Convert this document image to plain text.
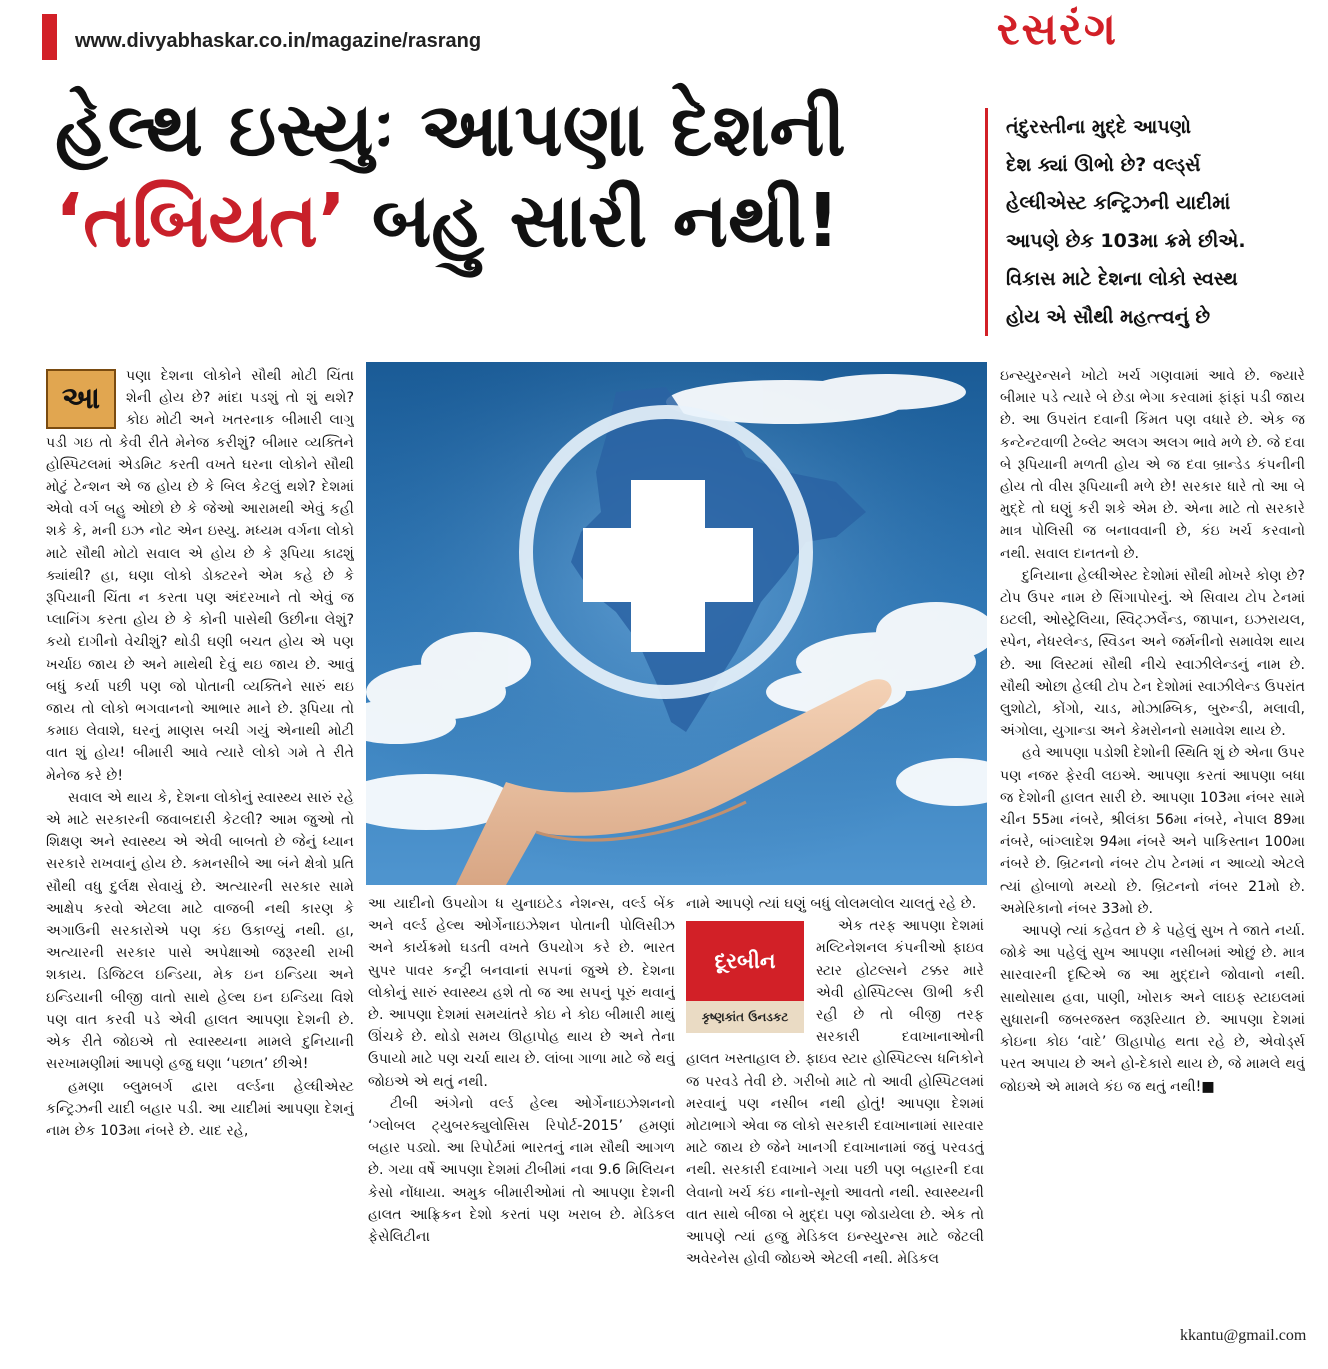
www.divyabhaskar.co.in/magazine/rasrang	રસરંગ
હેલ્થ ઇસ્યુઃ આપણા દેશની
‘તબિયત’ બહુ સારી નથી!

તંદુરસ્તીના મુદ્દે આપણો

દેશ ક્યાં ઊભો છે? વર્લ્ડ્સ

હેલ્ધીએસ્ટ કન્ટ્રિઝની યાદીમાં

આપણે છેક 103મા ક્રમે છીએ.

વિકાસ માટે દેશના લોકો સ્વસ્થ

હોય એ સૌથી મહત્ત્વનું છે

આ

પણા દેશના લોકોને સૌથી મોટી ચિંતા શેની હોય છે? માંદા પડશું તો શું થશે? કોઇ મોટી અને ખતરનાક બીમારી લાગુ પડી ગઇ તો કેવી રીતે મેનેજ કરીશું? બીમાર વ્યક્તિને હોસ્પિટલમાં એડમિટ કરતી વખતે ઘરના લોકોને સૌથી મોટું ટેન્શન એ જ હોય છે કે બિલ કેટલું થશે? દેશમાં એવો વર્ગ બહુ ઓછો છે કે જેઓ આરામથી એવું કહી શકે કે, મની ઇઝ નોટ એન ઇસ્યુ. મધ્યમ વર્ગના લોકો માટે સૌથી મોટો સવાલ એ હોય છે કે રૂપિયા કાઢશું ક્યાંથી? હા, ઘણા લોકો ડોક્ટરને એમ કહે છે કે રૂપિયાની ચિંતા ન કરતા પણ અંદરખાને તો એવું જ પ્લાનિંગ કરતા હોય છે કે કોની પાસેથી ઉછીના લેશું? કયો દાગીનો વેચીશું? થોડી ઘણી બચત હોય એ પણ ખર્ચાઇ જાય છે અને માથેથી દેવું થઇ જાય છે. આવું બધું કર્યા પછી પણ જો પોતાની વ્યક્તિને સારું થઇ જાય તો લોકો ભગવાનનો આભાર માને છે. રૂપિયા તો કમાઇ લેવાશે, ઘરનું માણસ બચી ગયું એનાથી મોટી વાત શું હોય! બીમારી આવે ત્યારે લોકો ગમે તે રીતે મેનેજ કરે છે!

સવાલ એ થાય કે, દેશના લોકોનું સ્વાસ્થ્ય સારું રહે એ માટે સરકારની જવાબદારી કેટલી? આમ જુઓ તો શિક્ષણ અને સ્વાસ્થ્ય એ એવી બાબતો છે જેનું ધ્યાન સરકારે રાખવાનું હોય છે. કમનસીબે આ બંને ક્ષેત્રો પ્રતિ સૌથી વધુ દુર્લક્ષ સેવાયું છે. અત્યારની સરકાર સામે આક્ષેપ કરવો એટલા માટે વાજબી નથી કારણ કે અગાઉની સરકારોએ પણ કંઇ ઉકાળ્યું નથી. હા, અત્યારની સરકાર પાસે અપેક્ષાઓ જરૂરથી રાખી શકાય. ડિજિટલ ઇન્ડિયા, મેક ઇન ઇન્ડિયા અને ઇન્ડિયાની બીજી વાતો સાથે હેલ્થ ઇન ઇન્ડિયા વિશે પણ વાત કરવી પડે એવી હાલત આપણા દેશની છે. એક રીતે જોઇએ તો સ્વાસ્થ્યના મામલે દુનિયાની સરખામણીમાં આપણે હજુ ઘણા ‘પછાત’ છીએ!

હમણા બ્લુમબર્ગ દ્વારા વર્લ્ડના હેલ્ધીએસ્ટ કન્ટ્રિઝની યાદી બહાર પડી. આ યાદીમાં આપણા દેશનું નામ છેક 103મા નંબરે છે. યાદ રહે,

આ યાદીનો ઉપયોગ ધ યુનાઇટેડ નેશન્સ, વર્લ્ડ બેંક અને વર્લ્ડ હેલ્થ ઓર્ગેનાઇઝેશન પોતાની પોલિસીઝ અને કાર્યક્રમો ઘડતી વખતે ઉપયોગ કરે છે. ભારત સુપર પાવર કન્ટ્રી બનવાનાં સપનાં જુએ છે. દેશના લોકોનું સારું સ્વાસ્થ્ય હશે તો જ આ સપનું પૂરું થવાનું છે. આપણા દેશમાં સમયાંતરે કોઇ ને કોઇ બીમારી માથું ઊંચકે છે. થોડો સમય ઊહાપોહ થાય છે અને તેના ઉપાયો માટે પણ ચર્ચા થાય છે. લાંબા ગાળા માટે જે થવું જોઇએ એ થતું નથી.

ટીબી અંગેનો વર્લ્ડ હેલ્થ ઓર્ગેનાઇઝેશનનો ‘ગ્લોબલ ટ્યુબરક્યુલોસિસ રિપોર્ટ-2015’ હમણાં બહાર પડ્યો. આ રિપોર્ટમાં ભારતનું નામ સૌથી આગળ છે. ગયા વર્ષે આપણા દેશમાં ટીબીમાં નવા 9.6 મિલિયન કેસો નોંધાયા. અમુક બીમારીઓમાં તો આપણા દેશની હાલત આફ્રિકન દેશો કરતાં પણ ખરાબ છે. મેડિકલ ફેસેલિટીના

નામે આપણે ત્યાં ઘણું બધું લોલમલોલ ચાલતું રહે છે.

દૂરબીન
કૃષ્ણકાંત ઉનડકટ

એક તરફ આપણા દેશમાં મલ્ટિનેશનલ કંપનીઓ ફાઇવ સ્ટાર હોટલ્સને ટક્કર મારે એવી હોસ્પિટલ્સ ઊભી કરી રહી છે તો બીજી તરફ સરકારી દવાખાનાઓની હાલત ખસ્તાહાલ છે. ફાઇવ સ્ટાર હોસ્પિટલ્સ ધનિકોને જ પરવડે તેવી છે. ગરીબો માટે તો આવી હોસ્પિટલમાં મરવાનું પણ નસીબ નથી હોતું! આપણા દેશમાં મોટાભાગે એવા જ લોકો સરકારી દવાખાનામાં સારવાર માટે જાય છે જેને ખાનગી દવાખાનામાં જવું પરવડતું નથી. સરકારી દવાખાને ગયા પછી પણ બહારની દવા લેવાનો ખર્ચ કંઇ નાનો-સૂનો આવતો નથી. સ્વાસ્થ્યની વાત સાથે બીજા બે મુદ્દા પણ જોડાયેલા છે. એક તો આપણે ત્યાં હજુ મેડિકલ ઇન્સ્યુરન્સ માટે જેટલી અવેરનેસ હોવી જોઇએ એટલી નથી. મેડિકલ

ઇન્સ્યુરન્સને ખોટો ખર્ચ ગણવામાં આવે છે. જ્યારે બીમાર પડે ત્યારે બે છેડા ભેગા કરવામાં ફાંફાં પડી જાય છે. આ ઉપરાંત દવાની કિંમત પણ વધારે છે. એક જ કન્ટેન્ટવાળી ટેબ્લેટ અલગ અલગ ભાવે મળે છે. જે દવા બે રૂપિયાની મળતી હોય એ જ દવા બ્રાન્ડેડ કંપનીની હોય તો વીસ રૂપિયાની મળે છે! સરકાર ધારે તો આ બે મુદ્દે તો ઘણું કરી શકે એમ છે. એના માટે તો સરકારે માત્ર પોલિસી જ બનાવવાની છે, કંઇ ખર્ચ કરવાનો નથી. સવાલ દાનતનો છે.

દુનિયાના હેલ્ધીએસ્ટ દેશોમાં સૌથી મોખરે કોણ છે? ટોપ ઉપર નામ છે સિંગાપોરનું. એ સિવાય ટોપ ટેનમાં ઇટલી, ઓસ્ટ્રેલિયા, સ્વિટ્ઝર્લેન્ડ, જાપાન, ઇઝરાયલ, સ્પેન, નેધરલેન્ડ, સ્વિડન અને જર્મનીનો સમાવેશ થાય છે. આ લિસ્ટમાં સૌથી નીચે સ્વાઝીલેન્ડનું નામ છે. સૌથી ઓછા હેલ્ધી ટોપ ટેન દેશોમાં સ્વાઝીલેન્ડ ઉપરાંત લુશોટો, કોંગો, ચાડ, મોઝામ્બિક, બુરુન્ડી, મલાવી, અંગોલા, યુગાન્ડા અને કેમરોનનો સમાવેશ થાય છે.

હવે આપણા પડોશી દેશોની સ્થિતિ શું છે એના ઉપર પણ નજર ફેરવી લઇએ. આપણા કરતાં આપણા બધા જ દેશોની હાલત સારી છે. આપણા 103મા નંબર સામે ચીન 55મા નંબરે, શ્રીલંકા 56મા નંબરે, નેપાલ 89મા નંબરે, બાંગ્લાદેશ 94મા નંબરે અને પાકિસ્તાન 100મા નંબરે છે. બ્રિટનનો નંબર ટોપ ટેનમાં ન આવ્યો એટલે ત્યાં હોબાળો મચ્યો છે. બ્રિટનનો નંબર 21મો છે. અમેરિકાનો નંબર 33મો છે.

આપણે ત્યાં કહેવત છે કે પહેલું સુખ તે જાતે નર્યા. જોકે આ પહેલું સુખ આપણા નસીબમાં ઓછું છે. માત્ર સારવારની દૃષ્ટિએ જ આ મુદ્દાને જોવાનો નથી. સાથોસાથ હવા, પાણી, ખોરાક અને લાઇફ સ્ટાઇલમાં સુધારાની જબરજસ્ત જરૂરિયાત છે. આપણા દેશમાં કોઇના કોઇ ‘વાદે’ ઊહાપોહ થતા રહે છે, એવોર્ડ્સ પરત અપાય છે અને હો-દેકારો થાય છે, જે મામલે થવું જોઇએ એ મામલે કંઇ જ થતું નથી!■

kkantu@gmail.com
